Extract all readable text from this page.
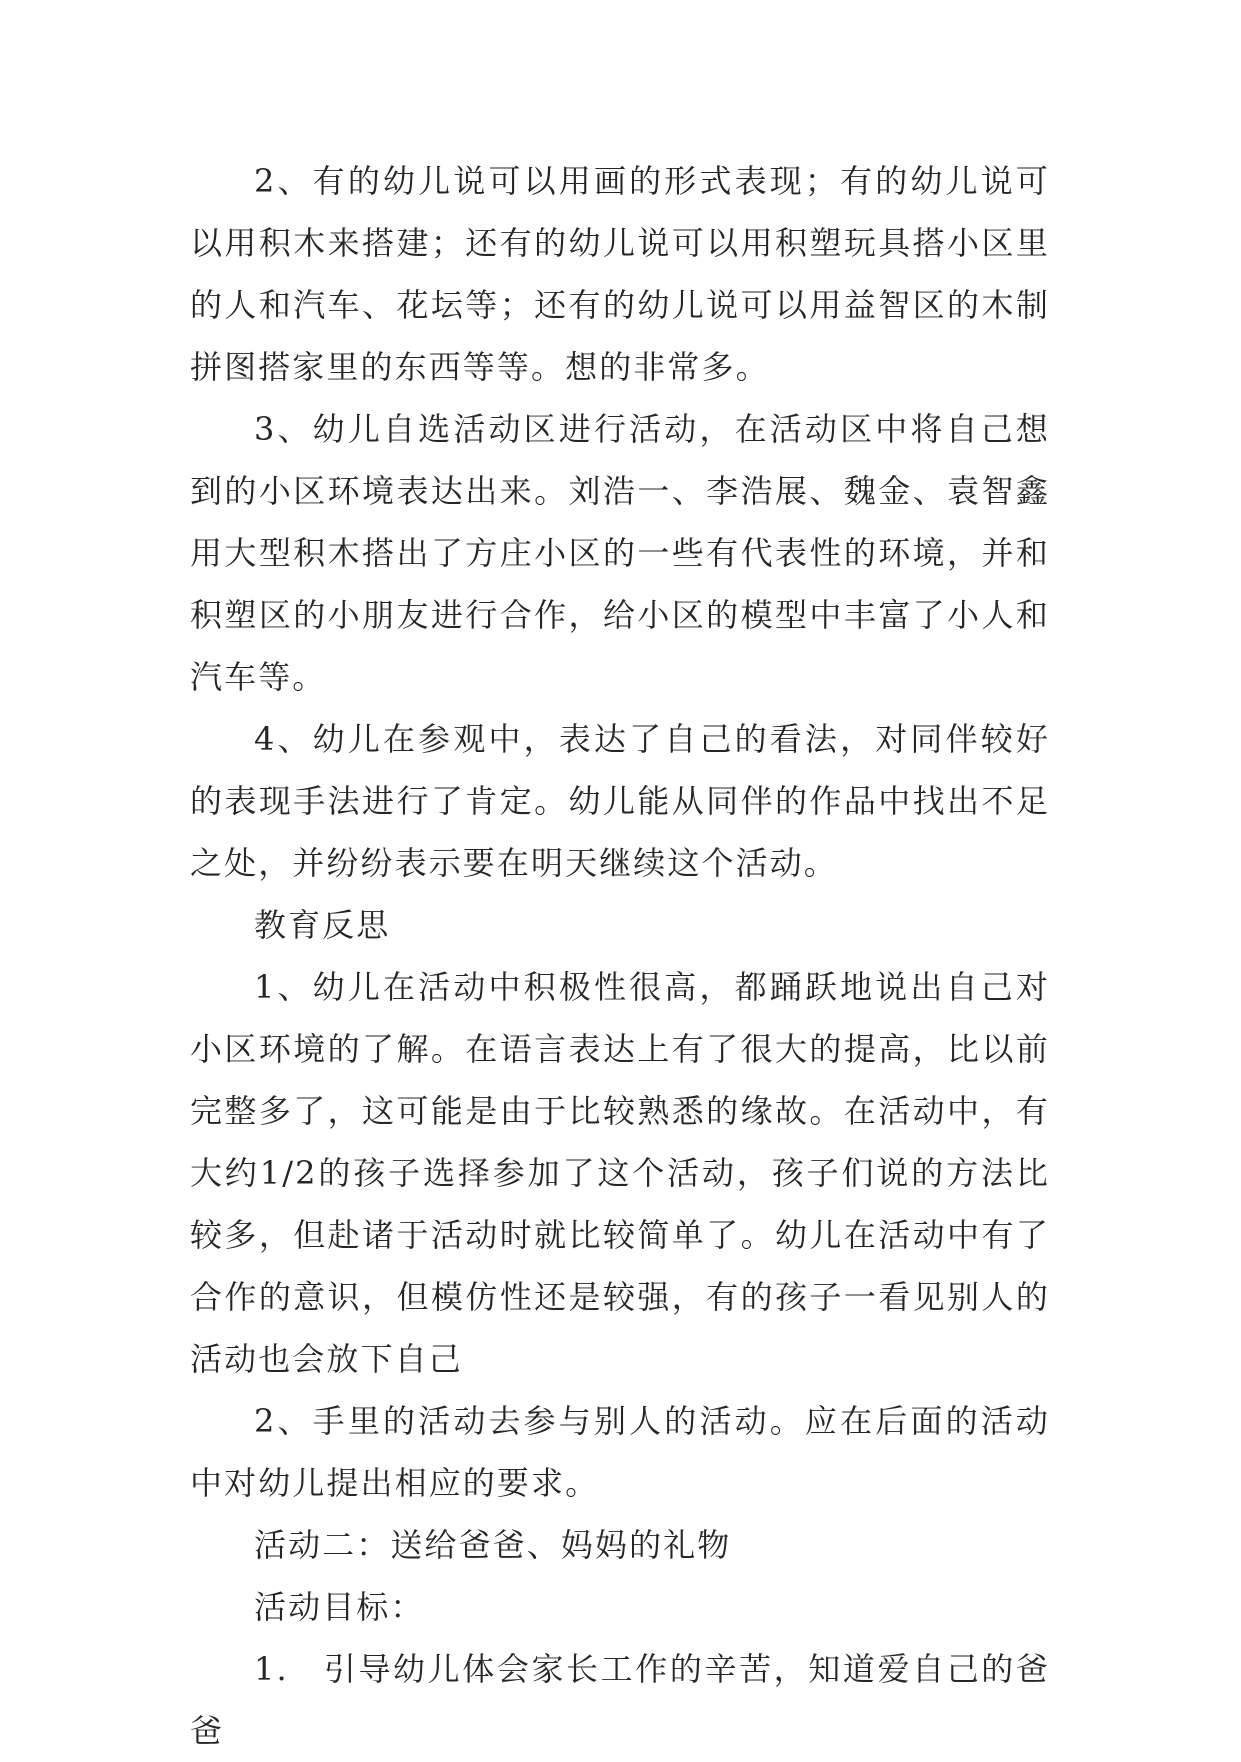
2、有的幼儿说可以用画的形式表现；有的幼儿说可以用积木来搭建；还有的幼儿说可以用积塑玩具搭小区里的人和汽车、花坛等；还有的幼儿说可以用益智区的木制拼图搭家里的东西等等。想的非常多。

3、幼儿自选活动区进行活动，在活动区中将自己想到的小区环境表达出来。刘浩一、李浩展、魏金、袁智鑫用大型积木搭出了方庄小区的一些有代表性的环境，并和积塑区的小朋友进行合作，给小区的模型中丰富了小人和汽车等。

4、幼儿在参观中，表达了自己的看法，对同伴较好的表现手法进行了肯定。幼儿能从同伴的作品中找出不足之处，并纷纷表示要在明天继续这个活动。

教育反思

1、幼儿在活动中积极性很高，都踊跃地说出自己对小区环境的了解。在语言表达上有了很大的提高，比以前完整多了，这可能是由于比较熟悉的缘故。在活动中，有大约1/2的孩子选择参加了这个活动，孩子们说的方法比较多，但赴诸于活动时就比较简单了。幼儿在活动中有了合作的意识，但模仿性还是较强，有的孩子一看见别人的活动也会放下自己

2、手里的活动去参与别人的活动。应在后面的活动中对幼儿提出相应的要求。

活动二：送给爸爸、妈妈的礼物

活动目标：

1.　引导幼儿体会家长工作的辛苦，知道爱自己的爸爸
